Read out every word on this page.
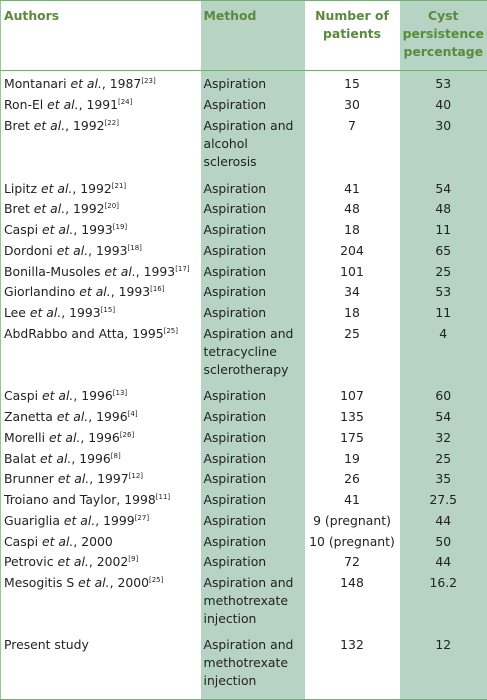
Authors	Method	Number of patients	Cyst persistence percentage
Montanari et al., 1987[23]	Aspiration	15	53
Ron-El et al., 1991[24]	Aspiration	30	40
Bret et al., 1992[22]	Aspiration and alcohol sclerosis	7	30
Lipitz et al., 1992[21]	Aspiration	41	54
Bret et al., 1992[20]	Aspiration	48	48
Caspi et al., 1993[19]	Aspiration	18	11
Dordoni et al., 1993[18]	Aspiration	204	65
Bonilla-Musoles et al., 1993[17]	Aspiration	101	25
Giorlandino et al., 1993[16]	Aspiration	34	53
Lee et al., 1993[15]	Aspiration	18	11
AbdRabbo and Atta, 1995[25]	Aspiration and tetracycline sclerotherapy	25	4
Caspi et al., 1996[13]	Aspiration	107	60
Zanetta et al., 1996[4]	Aspiration	135	54
Morelli et al., 1996[26]	Aspiration	175	32
Balat et al., 1996[8]	Aspiration	19	25
Brunner et al., 1997[12]	Aspiration	26	35
Troiano and Taylor, 1998[11]	Aspiration	41	27.5
Guariglia et al., 1999[27]	Aspiration	9 (pregnant)	44
Caspi et al., 2000	Aspiration	10 (pregnant)	50
Petrovic et al., 2002[9]	Aspiration	72	44
Mesogitis S et al., 2000[25]	Aspiration and methotrexate injection	148	16.2
Present study	Aspiration and methotrexate injection	132	12
